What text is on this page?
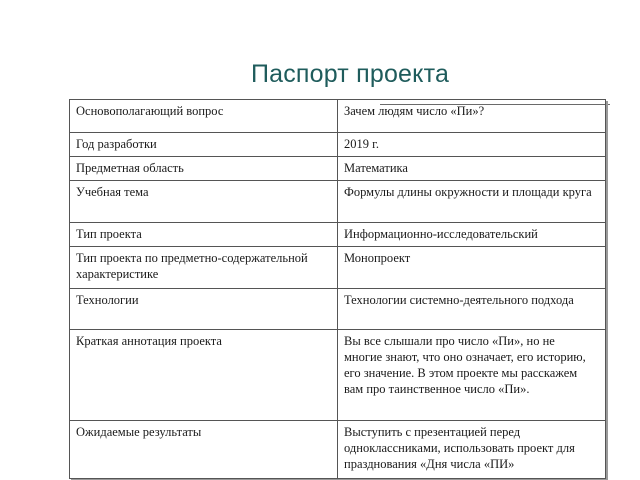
Паспорт проекта
Основополагающий вопрос	Зачем людям число «Пи»?
Год разработки	2019 г.
Предметная область	Математика
Учебная тема	Формулы длины окружности и площади круга
Тип проекта	Информационно-исследовательский
Тип проекта по предметно-содержательной характеристике	Монопроект
Технологии	Технологии системно-деятельного подхода
Краткая аннотация проекта	Вы все слышали про число «Пи», но не многие знают, что оно означает, его историю, его значение. В этом проекте мы расскажем вам про таинственное число «Пи».
Ожидаемые результаты	Выступить с презентацией перед одноклассниками, использовать проект для празднования «Дня числа «ПИ»
